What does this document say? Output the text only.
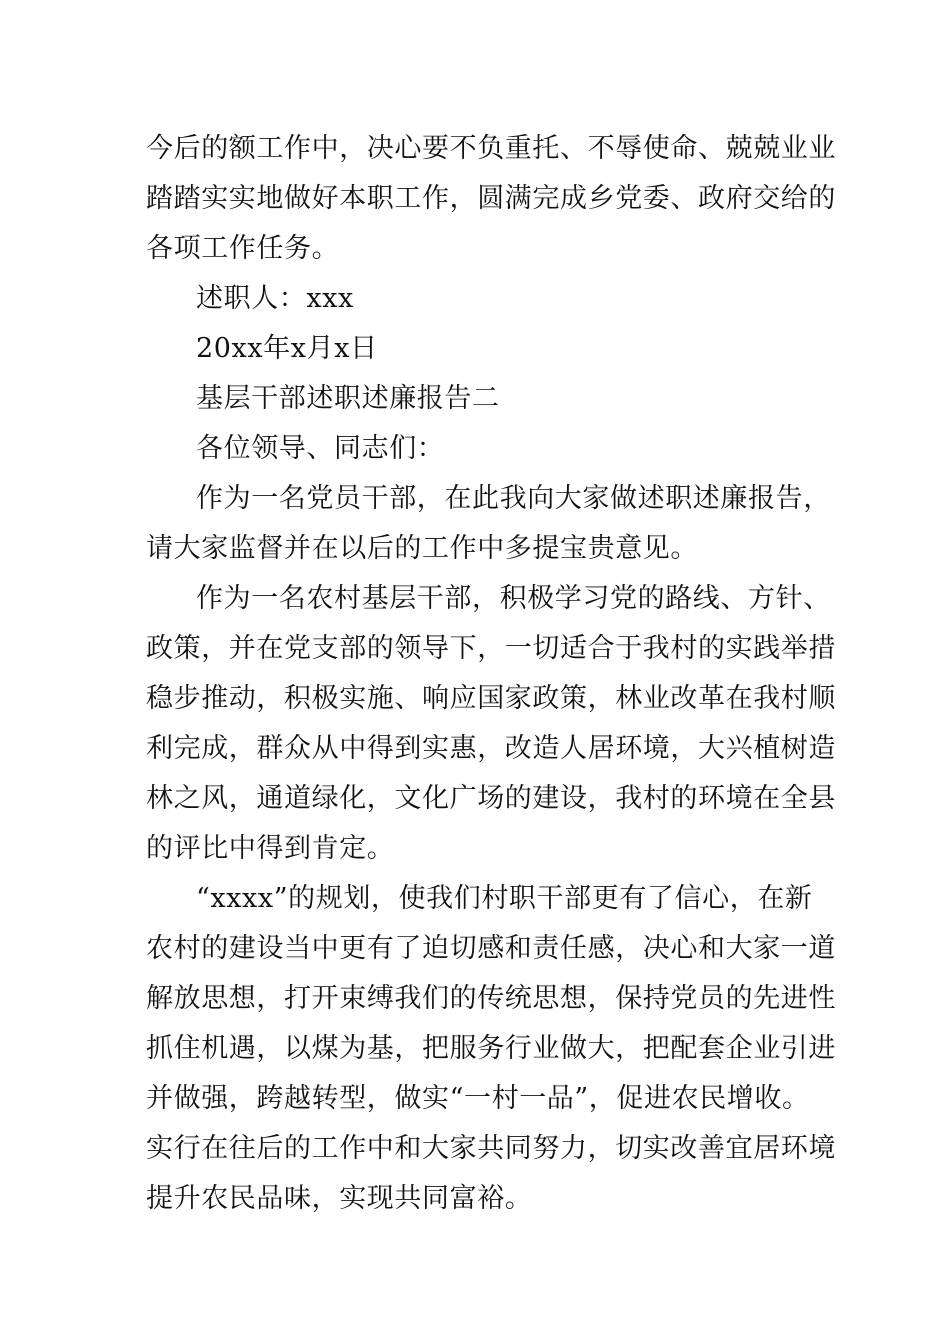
今后的额工作中，决心要不负重托、不辱使命、兢兢业业
踏踏实实地做好本职工作，圆满完成乡党委、政府交给的
各项工作任务。
述职人：xxx
20xx年x月x日
基层干部述职述廉报告二
各位领导、同志们：
作为一名党员干部，在此我向大家做述职述廉报告，
请大家监督并在以后的工作中多提宝贵意见。
作为一名农村基层干部，积极学习党的路线、方针、
政策，并在党支部的领导下，一切适合于我村的实践举措
稳步推动，积极实施、响应国家政策，林业改革在我村顺
利完成，群众从中得到实惠，改造人居环境，大兴植树造
林之风，通道绿化，文化广场的建设，我村的环境在全县
的评比中得到肯定。
“xxxx”的规划，使我们村职干部更有了信心，在新
农村的建设当中更有了迫切感和责任感，决心和大家一道
解放思想，打开束缚我们的传统思想，保持党员的先进性
抓住机遇，以煤为基，把服务行业做大，把配套企业引进
并做强，跨越转型，做实“一村一品”，促进农民增收。
实行在往后的工作中和大家共同努力，切实改善宜居环境
提升农民品味，实现共同富裕。
